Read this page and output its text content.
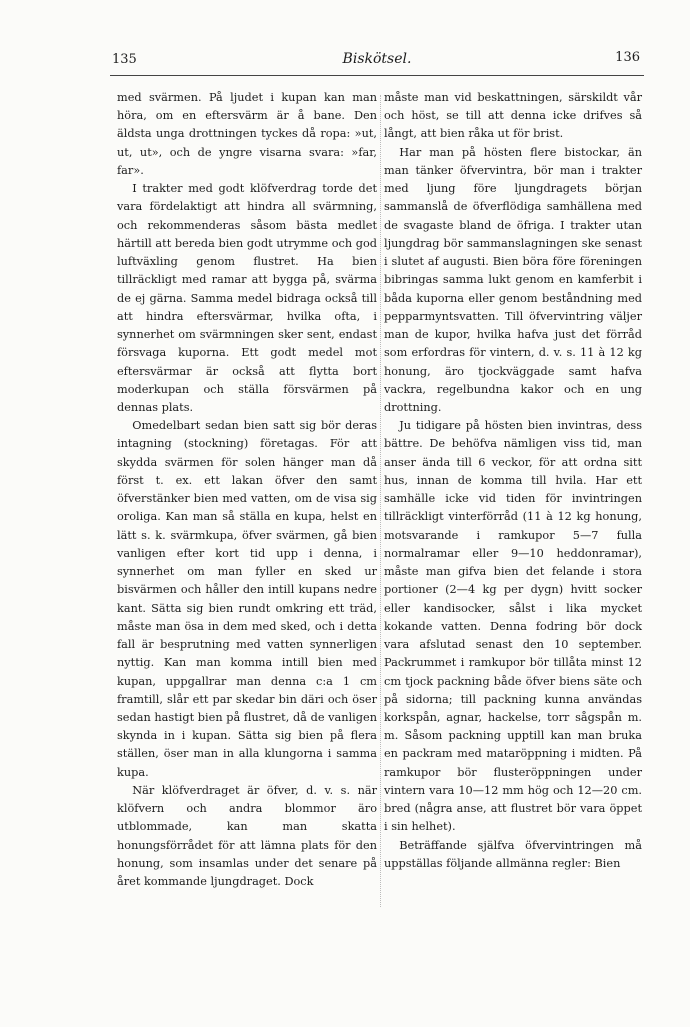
135	Biskötsel.	136

med svärmen. På ljudet i kupan kan man höra, om en eftersvärm är å bane. Den äldsta unga drottningen tyckes då ropa: »ut, ut, ut», och de yngre visarna svara: »far, far».

I trakter med godt klöfverdrag torde det vara fördelaktigt att hindra all svärmning, och rekommenderas såsom bästa medlet härtill att bereda bien godt utrymme och god luftväxling genom flustret. Ha bien tillräckligt med ramar att bygga på, svärma de ej gärna. Samma medel bidraga också till att hindra eftersvärmar, hvilka ofta, i synnerhet om svärmningen sker sent, endast försvaga kuporna. Ett godt medel mot eftersvärmar är också att flytta bort moderkupan och ställa försvärmen på dennas plats.

Omedelbart sedan bien satt sig bör deras intagning (stockning) företagas. För att skydda svärmen för solen hänger man då först t. ex. ett lakan öfver den samt öfverstänker bien med vatten, om de visa sig oroliga. Kan man så ställa en kupa, helst en lätt s. k. svärmkupa, öfver svärmen, gå bien vanligen efter kort tid upp i denna, i synnerhet om man fyller en sked ur bisvärmen och håller den intill kupans nedre kant. Sätta sig bien rundt omkring ett träd, måste man ösa in dem med sked, och i detta fall är besprutning med vatten synnerligen nyttig. Kan man komma intill bien med kupan, uppgallrar man denna c:a 1 cm framtill, slår ett par skedar bin däri och öser sedan hastigt bien på flustret, då de vanligen skynda in i kupan. Sätta sig bien på flera ställen, öser man in alla klungorna i samma kupa.

När klöfverdraget är öfver, d. v. s. när klöfvern och andra blommor äro utblommade, kan man skatta honungsförrådet för att lämna plats för den honung, som insamlas under det senare på året kommande ljungdraget. Dock

måste man vid beskattningen, särskildt vår och höst, se till att denna icke drifves så långt, att bien råka ut för brist.

Har man på hösten flere bistockar, än man tänker öfvervintra, bör man i trakter med ljung före ljungdragets början sammanslå de öfverflödiga samhällena med de svagaste bland de öfriga. I trakter utan ljungdrag bör sammanslagningen ske senast i slutet af augusti. Bien böra före föreningen bibringas samma lukt genom en kamferbit i båda kuporna eller genom beståndning med pepparmyntsvatten. Till öfvervintring väljer man de kupor, hvilka hafva just det förråd som erfordras för vintern, d. v. s. 11 à 12 kg honung, äro tjockväggade samt hafva vackra, regelbundna kakor och en ung drottning.

Ju tidigare på hösten bien invintras, dess bättre. De behöfva nämligen viss tid, man anser ända till 6 veckor, för att ordna sitt hus, innan de komma till hvila. Har ett samhälle icke vid tiden för invintringen tillräckligt vinterförråd (11 à 12 kg honung, motsvarande i ramkupor 5—7 fulla normalramar eller 9—10 heddonramar), måste man gifva bien det felande i stora portioner (2—4 kg per dygn) hvitt socker eller kandisocker, sålst i lika mycket kokande vatten. Denna fodring bör dock vara afslutad senast den 10 september. Packrummet i ramkupor bör tillåta minst 12 cm tjock packning både öfver biens säte och på sidorna; till packning kunna användas korkspån, agnar, hackelse, torr sågspån m. m. Såsom packning upptill kan man bruka en packram med mataröppning i midten. På ramkupor bör flusteröppningen under vintern vara 10—12 mm hög och 12—20 cm. bred (några anse, att flustret bör vara öppet i sin helhet).

Beträffande själfva öfvervintringen må uppställas följande allmänna regler: Bien
